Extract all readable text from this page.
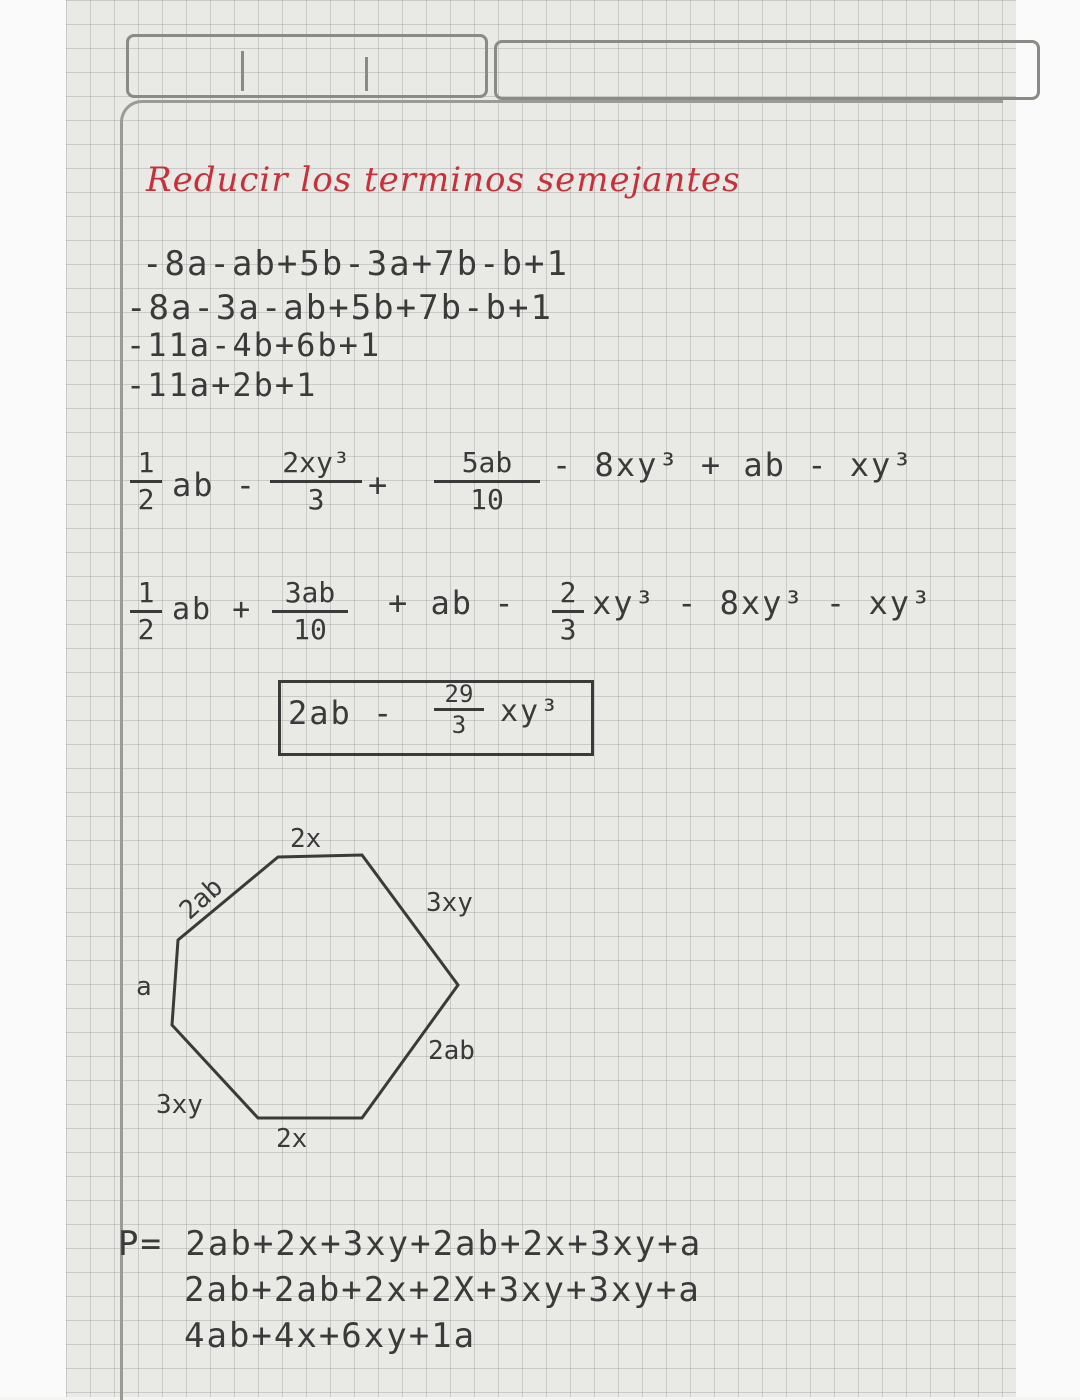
Reducir los terminos semejantes
-8a-ab+5b-3a+7b-b+1
-8a-3a-ab+5b+7b-b+1
-11a-4b+6b+1
-11a+2b+1
1
2 ab -
2xy³
3	+
5ab
10
- 8xy³ + ab - xy³
1
2
ab +	3ab
10
+ ab -	2
3
xy³ - 8xy³ - xy³
2ab -	29
3	xy³
2x
3xy
2ab
2x
3xy
a
2ab
P= 2ab+2x+3xy+2ab+2x+3xy+a
2ab+2ab+2x+2X+3xy+3xy+a
4ab+4x+6xy+1a
